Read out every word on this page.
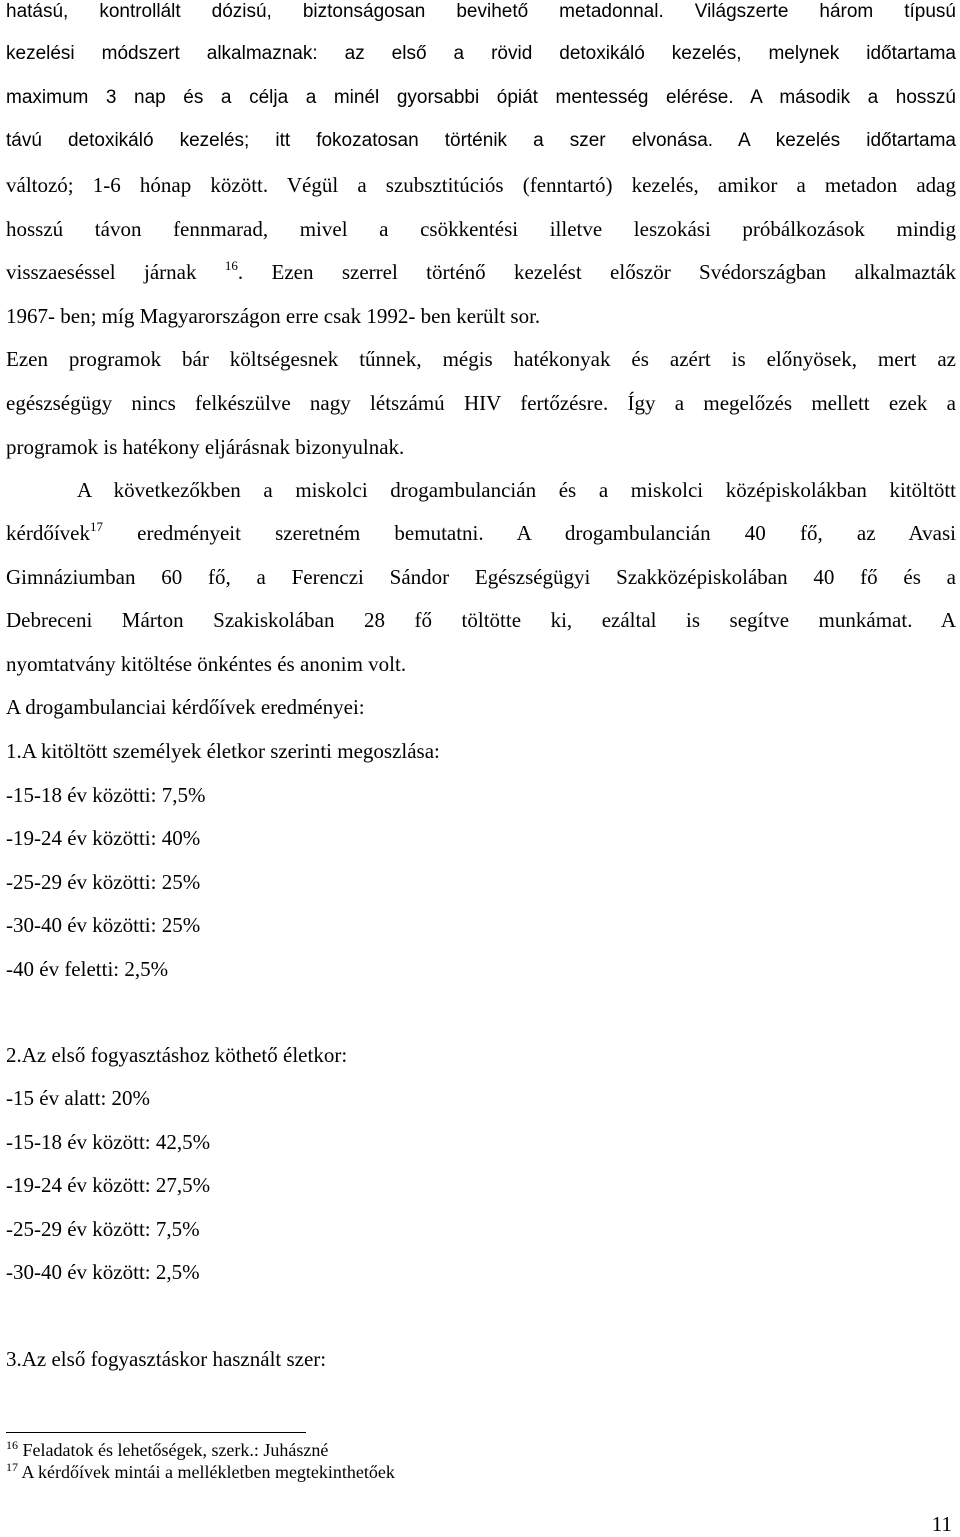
hatású, kontrollált dózisú, biztonságosan bevihető metadonnal. Világszerte három típusú
kezelési módszert alkalmaznak: az első a rövid detoxikáló kezelés, melynek időtartama
maximum 3 nap és a célja a minél gyorsabbi ópiát mentesség elérése. A második a hosszú
távú detoxikáló kezelés; itt fokozatosan történik a szer elvonása. A kezelés időtartama
változó; 1-6 hónap között. Végül a szubsztitúciós (fenntartó) kezelés, amikor a metadon adag
hosszú távon fennmarad, mivel a csökkentési illetve leszokási próbálkozások mindig
visszaeséssel járnak $^{16}$. Ezen szerrel történő kezelést először Svédországban alkalmazták
1967- ben; míg Magyarországon erre csak 1992- ben került sor.
Ezen programok bár költségesnek tűnnek, mégis hatékonyak és azért is előnyösek, mert az
egészségügy nincs felkészülve nagy létszámú HIV fertőzésre. Így a megelőzés mellett ezek a
programok is hatékony eljárásnak bizonyulnak.
A következőkben a miskolci drogambulancián és a miskolci középiskolákban kitöltött
kérdőívek$^{17}$ eredményeit szeretném bemutatni. A drogambulancián 40 fő, az Avasi
Gimnáziumban 60 fő, a Ferenczi Sándor Egészségügyi Szakközépiskolában 40 fő és a
Debreceni Márton Szakiskolában 28 fő töltötte ki, ezáltal is segítve munkámat. A
nyomtatvány kitöltése önkéntes és anonim volt.
A drogambulanciai kérdőívek eredményei:
1.A kitöltött személyek életkor szerinti megoszlása:
-15-18 év közötti: 7,5%
-19-24 év közötti: 40%
-25-29 év közötti: 25%
-30-40 év közötti: 25%
-40 év feletti: 2,5%
2.Az első fogyasztáshoz köthető életkor:
-15 év alatt: 20%
-15-18 év között: 42,5%
-19-24 év között: 27,5%
-25-29 év között: 7,5%
-30-40 év között: 2,5%
3.Az első fogyasztáskor használt szer:
$^{16}$ Feladatok és lehetőségek, szerk.: Juhászné
$^{17}$ A kérdőívek mintái a mellékletben megtekinthetőek
11
